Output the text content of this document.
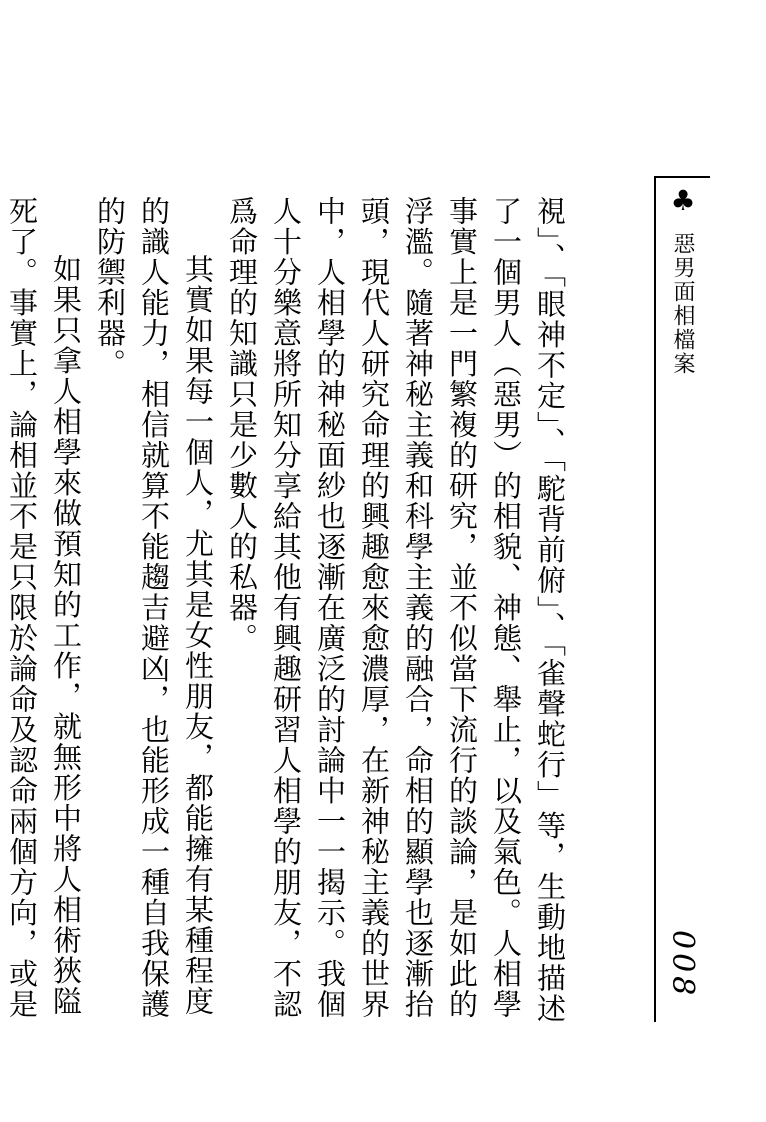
♣
惡男面相檔案
008

視」、「眼神不定」、「駝背前俯」、「雀聲蛇行」等，生動地描述了一個男人（惡男）的相貌、神態、舉止，以及氣色。人相學事實上是一門繁複的研究，並不似當下流行的談論，是如此的浮濫。隨著神秘主義和科學主義的融合，命相的顯學也逐漸抬頭，現代人研究命理的興趣愈來愈濃厚，在新神秘主義的世界中，人相學的神秘面紗也逐漸在廣泛的討論中一一揭示。我個人十分樂意將所知分享給其他有興趣研習人相學的朋友，不認爲命理的知識只是少數人的私器。

其實如果每一個人，尤其是女性朋友，都能擁有某種程度的識人能力，相信就算不能趨吉避凶，也能形成一種自我保護的防禦利器。

如果只拿人相學來做預知的工作，就無形中將人相術狹隘死了。事實上，論相並不是只限於論命及認命兩個方向，或是
